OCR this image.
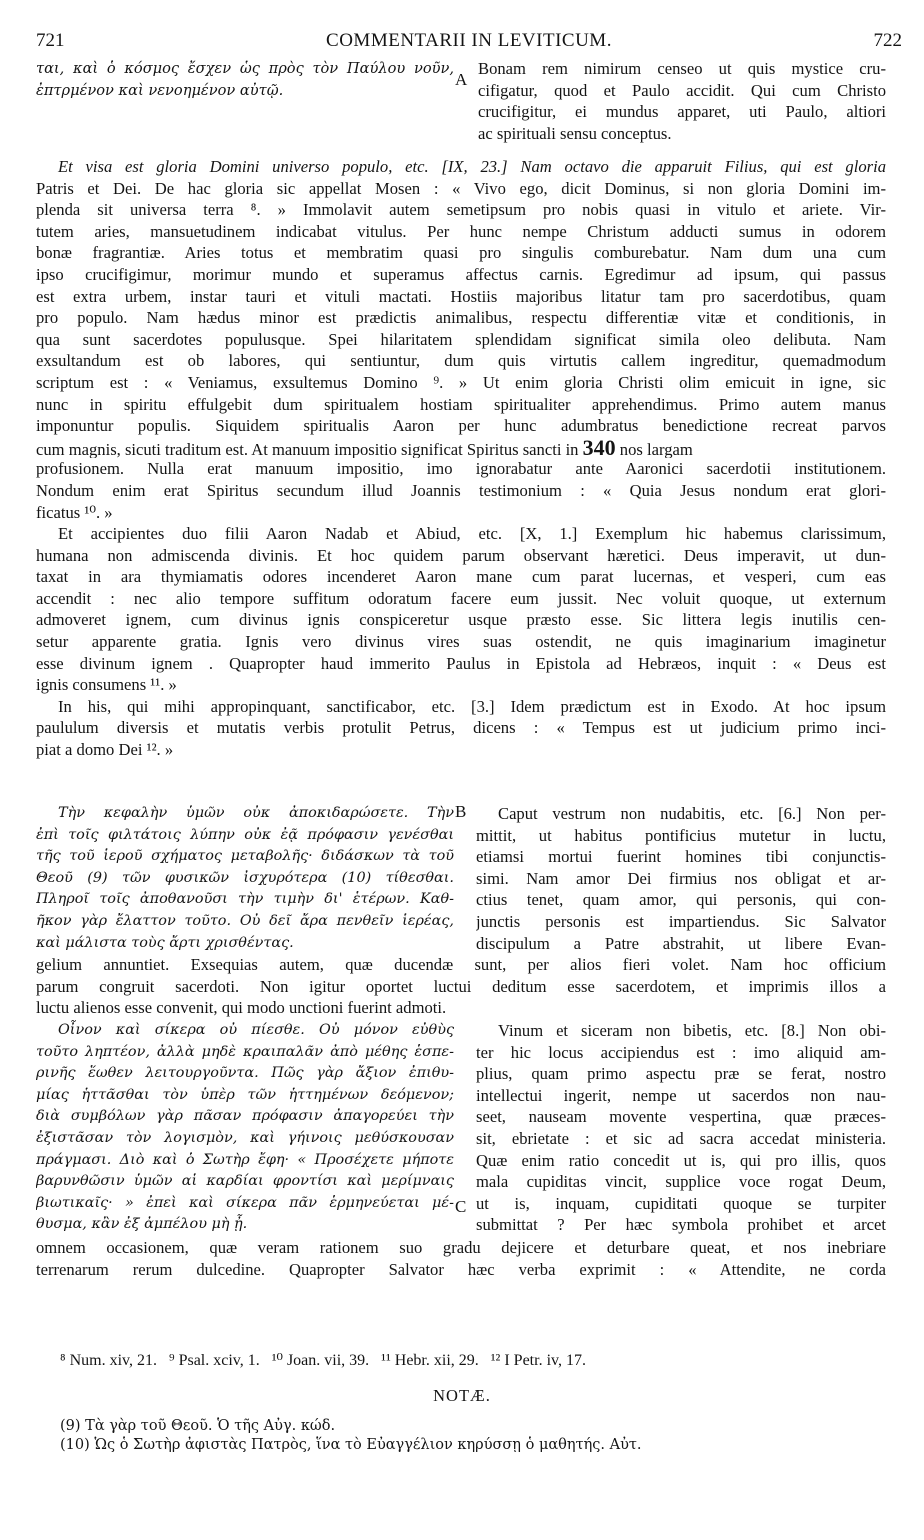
721	COMMENTARII IN LEVITICUM.	722
ται, καὶ ὁ κόσμος ἔσχεν ὡς πρὸς τὸν Παύλου νοῦν,
ἐπτρμένον καὶ νενοημένον αὐτῷ.
A
Bonam rem nimirum censeo ut quis mystice cru-
cifigatur, quod et Paulo accidit. Qui cum Christo
crucifigitur, ei mundus apparet, uti Paulo, altiori
ac spirituali sensu conceptus.
Et visa est gloria Domini universo populo, etc. [IX, 23.] Nam octavo die apparuit Filius, qui est gloria
Patris et Dei. De hac gloria sic appellat Mosen : « Vivo ego, dicit Dominus, si non gloria Domini im-
plenda sit universa terra ⁸. » Immolavit autem semetipsum pro nobis quasi in vitulo et ariete. Vir-
tutem aries, mansuetudinem indicabat vitulus. Per hunc nempe Christum adducti sumus in odorem
bonæ fragrantiæ. Aries totus et membratim quasi pro singulis comburebatur. Nam dum una cum
ipso crucifigimur, morimur mundo et superamus affectus carnis. Egredimur ad ipsum, qui passus
est extra urbem, instar tauri et vituli mactati. Hostiis majoribus litatur tam pro sacerdotibus, quam
pro populo. Nam hædus minor est prædictis animalibus, respectu differentiæ vitæ et conditionis, in
qua sunt sacerdotes populusque. Spei hilaritatem splendidam significat simila oleo delibuta. Nam
exsultandum est ob labores, qui sentiuntur, dum quis virtutis callem ingreditur, quemadmodum
scriptum est : « Veniamus, exsultemus Domino ⁹. » Ut enim gloria Christi olim emicuit in igne, sic
nunc in spiritu effulgebit dum spiritualem hostiam spiritualiter apprehendimus. Primo autem manus
imponuntur populis. Siquidem spiritualis Aaron per hunc adumbratus benedictione recreat parvos
cum magnis, sicuti traditum est. At manuum impositio significat Spiritus sancti in 340 nos largam
profusionem. Nulla erat manuum impositio, imo ignorabatur ante Aaronici sacerdotii institutionem.
Nondum enim erat Spiritus secundum illud Joannis testimonium : « Quia Jesus nondum erat glori-
ficatus ¹⁰. »
Et accipientes duo filii Aaron Nadab et Abiud, etc. [X, 1.] Exemplum hic habemus clarissimum,
humana non admiscenda divinis. Et hoc quidem parum observant hæretici. Deus imperavit, ut dun-
taxat in ara thymiamatis odores incenderet Aaron mane cum parat lucernas, et vesperi, cum eas
accendit : nec alio tempore suffitum odoratum facere eum jussit. Nec voluit quoque, ut externum
admoveret ignem, cum divinus ignis conspiceretur usque præsto esse. Sic littera legis inutilis cen-
setur apparente gratia. Ignis vero divinus vires suas ostendit, ne quis imaginarium imaginetur
esse divinum ignem . Quapropter haud immerito Paulus in Epistola ad Hebræos, inquit : « Deus est
ignis consumens ¹¹. »
In his, qui mihi appropinquant, sanctificabor, etc. [3.] Idem prædictum est in Exodo. At hoc ipsum
paululum diversis et mutatis verbis protulit Petrus, dicens : « Tempus est ut judicium primo inci-
piat a domo Dei ¹². »
Τὴν κεφαλὴν ὑμῶν οὐκ ἀποκιδαρώσετε. Τὴν
ἐπὶ τοῖς φιλτάτοις λύπην οὐκ ἐᾷ πρόφασιν γενέσθαι
τῆς τοῦ ἱεροῦ σχήματος μεταβολῆς· διδάσκων τὰ τοῦ
Θεοῦ (9) τῶν φυσικῶν ἰσχυρότερα (10) τίθεσθαι.
Πληροῖ τοῖς ἀποθανοῦσι τὴν τιμὴν δι' ἑτέρων. Καθ-
ῆκον γὰρ ἔλαττον τοῦτο. Οὐ δεῖ ἄρα πενθεῖν ἱερέας,
καὶ μάλιστα τοὺς ἄρτι χρισθέντας.
B	Caput vestrum non nudabitis, etc. [6.] Non per-
mittit, ut habitus pontificius mutetur in luctu,
etiamsi mortui fuerint homines tibi conjunctis-
simi. Nam amor Dei firmius nos obligat et ar-
ctius tenet, quam amor, qui personis, qui con-
junctis personis est impartiendus. Sic Salvator
discipulum a Patre abstrahit, ut libere Evan-
gelium annuntiet. Exsequias autem, quæ ducendæ sunt, per alios fieri volet. Nam hoc officium
parum congruit sacerdoti. Non igitur oportet luctui deditum esse sacerdotem, et imprimis illos a
luctu alienos esse convenit, qui modo unctioni fuerint admoti.
Οἶνον καὶ σίκερα οὐ πίεσθε. Οὐ μόνον εὐθὺς
τοῦτο ληπτέον, ἀλλὰ μηδὲ κραιπαλᾶν ἀπὸ μέθης ἑσπε-
ρινῆς ἕωθεν λειτουργοῦντα. Πῶς γὰρ ἄξιον ἐπιθυ-
μίας ἡττᾶσθαι τὸν ὑπὲρ τῶν ἡττημένων δεόμενον;
διὰ συμβόλων γὰρ πᾶσαν πρόφασιν ἀπαγορεύει τὴν
ἐξιστᾶσαν τὸν λογισμὸν, καὶ γήινοις μεθύσκουσαν
πράγμασι. Διὸ καὶ ὁ Σωτὴρ ἔφη· « Προσέχετε μήποτε
βαρυνθῶσιν ὑμῶν αἱ καρδίαι φροντίσι καὶ μερίμναις
βιωτικαῖς· » ἐπεὶ καὶ σίκερα πᾶν ἑρμηνεύεται μέ-
θυσμα, κἂν ἐξ ἀμπέλου μὴ ᾖ.
C
Vinum et siceram non bibetis, etc. [8.] Non obi-
ter hic locus accipiendus est : imo aliquid am-
plius, quam primo aspectu præ se ferat, nostro
intellectui ingerit, nempe ut sacerdos non nau-
seet, nauseam movente vespertina, quæ præces-
sit, ebrietate : et sic ad sacra accedat ministeria.
Quæ enim ratio concedit ut is, qui pro illis, quos
mala cupiditas vincit, supplice voce rogat Deum,
ut is, inquam, cupiditati quoque se turpiter
submittat ? Per hæc symbola prohibet et arcet
omnem occasionem, quæ veram rationem suo gradu dejicere et deturbare queat, et nos inebriare
terrenarum rerum dulcedine. Quapropter Salvator hæc verba exprimit : « Attendite, ne corda
⁸ Num. xiv, 21.   ⁹ Psal. xciv, 1.   ¹⁰ Joan. vii, 39.   ¹¹ Hebr. xii, 29.   ¹² I Petr. iv, 17.
NOTÆ.
(9) Τὰ γὰρ τοῦ Θεοῦ. Ὁ τῆς Αὐγ. κώδ.
(10) Ὡς ὁ Σωτὴρ ἀφιστὰς Πατρὸς, ἵνα τὸ Εὐαγγέλιον κηρύσσῃ ὁ μαθητής. Αὐτ.
